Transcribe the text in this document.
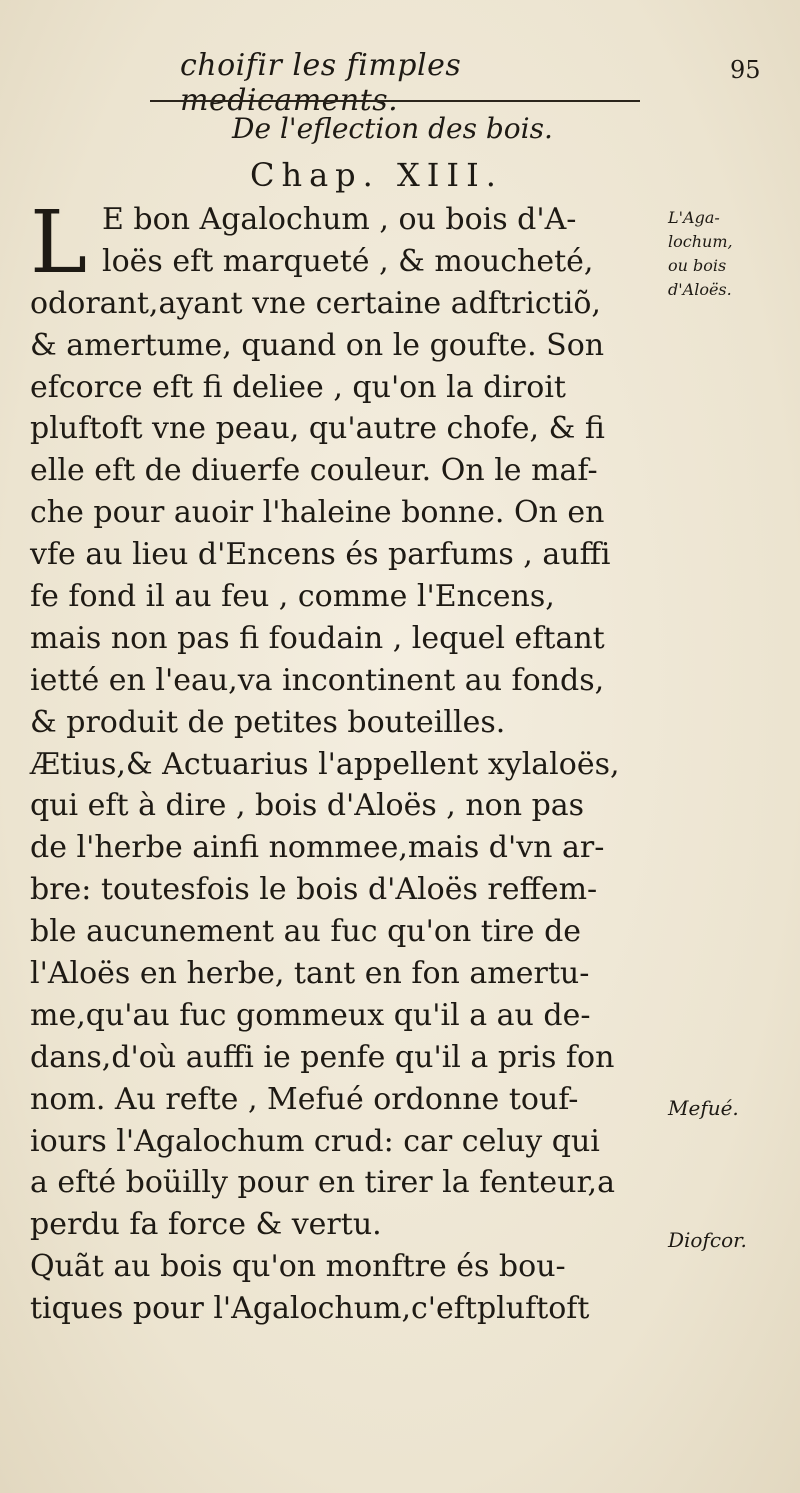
choifir les fimples medicaments.
95
De l'eflection des bois.
Chap. XIII.
L E bon Agalochum , ou bois d'A-
loës eft marqueté , & moucheté,
odorant,ayant vne certaine adftrictiõ,
& amertume, quand on le goufte. Son
efcorce eft fi deliee , qu'on la diroit
pluftoft vne peau, qu'autre chofe, & fi
elle eft de diuerfe couleur. On le maf-
che pour auoir l'haleine bonne. On en
vfe au lieu d'Encens és parfums , auffi
fe fond il au feu , comme l'Encens,
mais non pas fi foudain , lequel eftant
ietté en l'eau,va incontinent au fonds,
& produit de petites bouteilles.
Ætius,& Actuarius l'appellent xylaloës,
qui eft à dire , bois d'Aloës , non pas
de l'herbe ainfi nommee,mais d'vn ar-
bre: toutesfois le bois d'Aloës reffem-
ble aucunement au fuc qu'on tire de
l'Aloës en herbe, tant en fon amertu-
me,qu'au fuc gommeux qu'il a au de-
dans,d'où auffi ie penfe qu'il a pris fon
nom. Au refte , Mefué ordonne touf-
iours l'Agalochum crud: car celuy qui
a efté boüilly pour en tirer la fenteur,a
perdu fa force & vertu.
Quãt au bois qu'on monftre és bou-
tiques pour l'Agalochum,c'eftpluftoft
L'Aga-
lochum,
ou bois
d'Aloës.
Mefué.
Diofcor.
